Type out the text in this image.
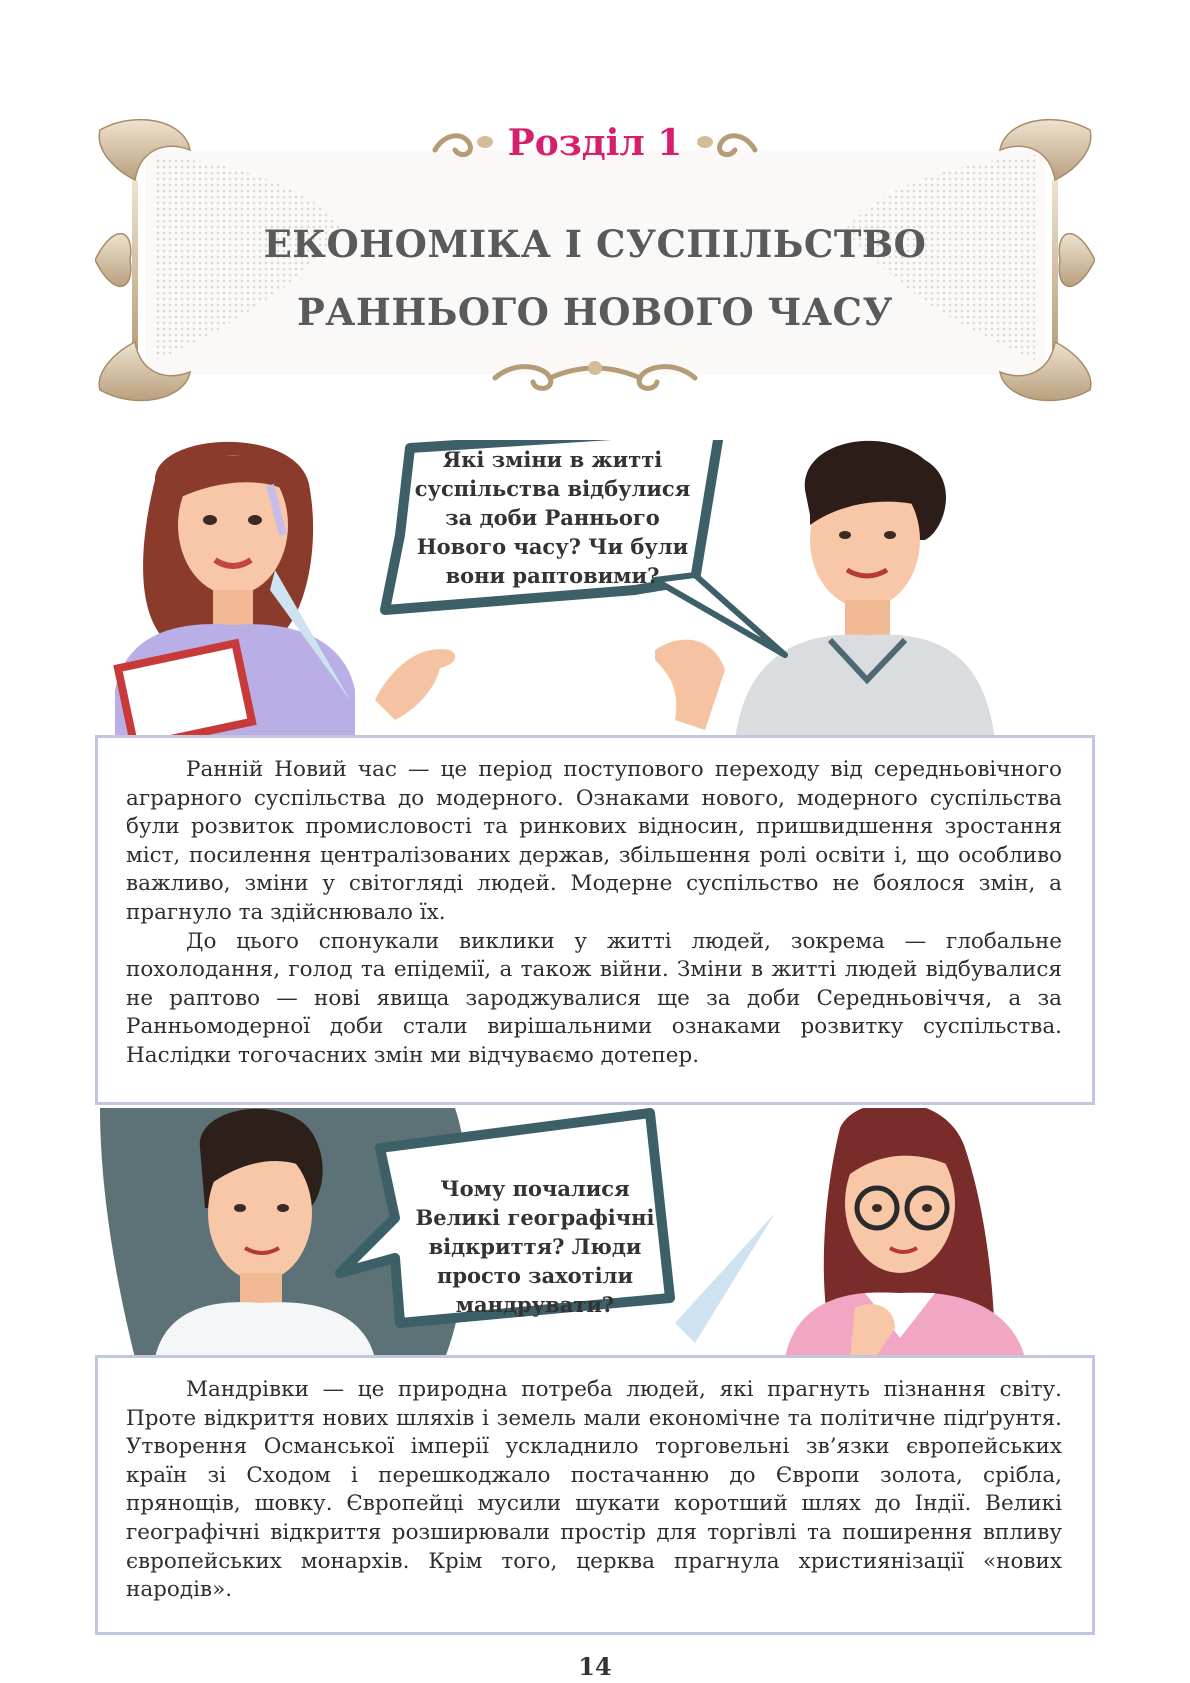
Розділ 1
ЕКОНОМІКА І СУСПІЛЬСТВО
РАННЬОГО НОВОГО ЧАСУ
Які зміни в житті суспільства відбулися за доби Раннього Нового часу? Чи були вони раптовими?

Ранній Новий час — це період поступового переходу від середньовічного аграрного суспільства до модерного. Ознаками нового, модерного суспільства були розвиток промисловості та ринкових відносин, пришвидшення зростання міст, посилення централізованих держав, збільшення ролі освіти і, що особливо важливо, зміни у світогляді людей. Модерне суспільство не боялося змін, а прагнуло та здійснювало їх.

До цього спонукали виклики у житті людей, зокрема — глобальне похолодання, голод та епідемії, а також війни. Зміни в житті людей відбувалися не раптово — нові явища зароджувалися ще за доби Середньовіччя, а за Ранньомодерної доби стали вирішальними ознаками розвитку суспільства. Наслідки тогочасних змін ми відчуваємо дотепер.

Чому почалися Великі географічні відкриття? Люди просто захотіли мандрувати?

Мандрівки — це природна потреба людей, які прагнуть пізнання світу. Проте відкриття нових шляхів і земель мали економічне та політичне підґрунтя. Утворення Османської імперії ускладнило торговельні зв’язки європейських країн зі Сходом і перешкоджало постачанню до Європи золота, срібла, прянощів, шовку. Європейці мусили шукати коротший шлях до Індії. Великі географічні відкриття розширювали простір для торгівлі та поширення впливу європейських монархів. Крім того, церква прагнула християнізації «нових народів».

14
